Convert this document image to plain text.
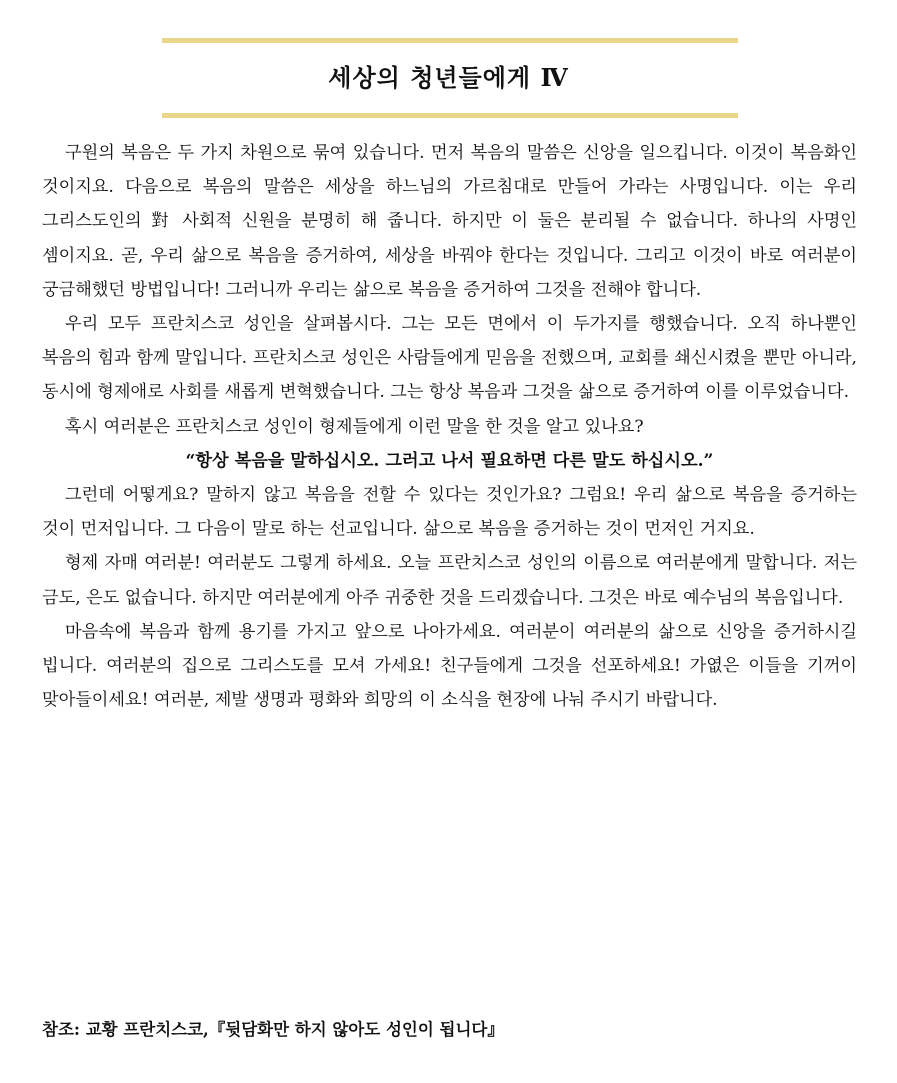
세상의 청년들에게 Ⅳ

구원의 복음은 두 가지 차원으로 묶여 있습니다. 먼저 복음의 말씀은 신앙을 일으킵니다. 이것이 복음화인 것이지요. 다음으로 복음의 말씀은 세상을 하느님의 가르침대로 만들어 가라는 사명입니다. 이는 우리 그리스도인의 對 사회적 신원을 분명히 해 줍니다. 하지만 이 둘은 분리될 수 없습니다. 하나의 사명인 셈이지요. 곧, 우리 삶으로 복음을 증거하여, 세상을 바꿔야 한다는 것입니다. 그리고 이것이 바로 여러분이 궁금해했던 방법입니다! 그러니까 우리는 삶으로 복음을 증거하여 그것을 전해야 합니다.

우리 모두 프란치스코 성인을 살펴봅시다. 그는 모든 면에서 이 두가지를 행했습니다. 오직 하나뿐인 복음의 힘과 함께 말입니다. 프란치스코 성인은 사람들에게 믿음을 전했으며, 교회를 쇄신시켰을 뿐만 아니라, 동시에 형제애로 사회를 새롭게 변혁했습니다. 그는 항상 복음과 그것을 삶으로 증거하여 이를 이루었습니다.

혹시 여러분은 프란치스코 성인이 형제들에게 이런 말을 한 것을 알고 있나요?

“항상 복음을 말하십시오. 그러고 나서 필요하면 다른 말도 하십시오.”

그런데 어떻게요? 말하지 않고 복음을 전할 수 있다는 것인가요? 그럼요! 우리 삶으로 복음을 증거하는 것이 먼저입니다. 그 다음이 말로 하는 선교입니다. 삶으로 복음을 증거하는 것이 먼저인 거지요.

형제 자매 여러분! 여러분도 그렇게 하세요. 오늘 프란치스코 성인의 이름으로 여러분에게 말합니다. 저는 금도, 은도 없습니다. 하지만 여러분에게 아주 귀중한 것을 드리겠습니다. 그것은 바로 예수님의 복음입니다.

마음속에 복음과 함께 용기를 가지고 앞으로 나아가세요. 여러분이 여러분의 삶으로 신앙을 증거하시길 빕니다. 여러분의 집으로 그리스도를 모셔 가세요! 친구들에게 그것을 선포하세요! 가엾은 이들을 기꺼이 맞아들이세요! 여러분, 제발 생명과 평화와 희망의 이 소식을 현장에 나눠 주시기 바랍니다.

참조: 교황 프란치스코,『뒷담화만 하지 않아도 성인이 됩니다』
